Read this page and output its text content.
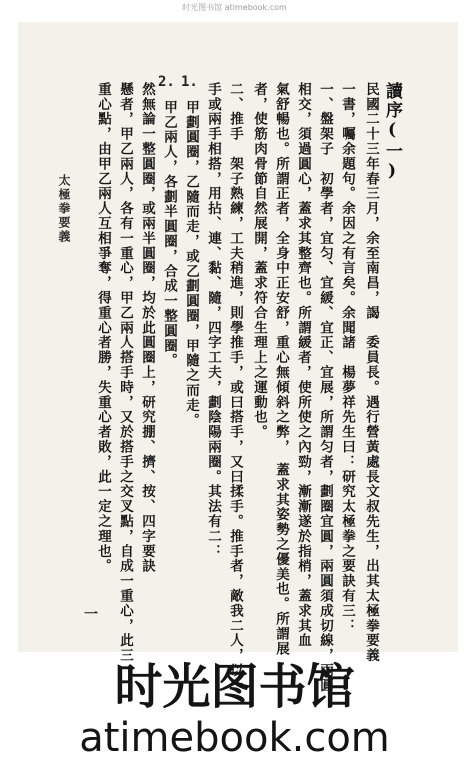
时光图书馆 atimebook.com
讀序(一)
民國二十三年春三月，余至南昌，謁　委員長。遇行營黃處長文叔先生，出其太極拳要義
一書，囑余題句。余因之有言矣。余聞諸　楊夢祥先生曰：研究太極拳之要訣有三：
一、盤架子　初學者，宜匀、宜緩、宜正、宜展，所謂匀者，劃圈宜圓，兩圓須成切線，兩圓
相交，須過圓心，蓋求其整齊也。所謂緩者，使所使之內勁，漸漸遂於指梢，蓋求其血
氣舒暢也。所謂正者，全身中正安舒，重心無傾斜之弊，　蓋求其姿勢之優美也。所謂展
者，使筋肉骨節自然展開，蓋求符合生理上之運動也。
二、推手　架子熟練，工夫稍進，則學推手，或曰搭手，又曰揉手。推手者，敵我二人，以一
手或兩手相搭，用拈、連、黏、隨，四字工夫，劃陰陽兩圈。其法有二：
1.
2.
甲劃圓圈，乙隨而走，或乙劃圓圈，甲隨之而走。
甲乙兩人，各劃半圓圈，合成一整圓圈。
然無論一整圓圈，或兩半圓圈，均於此圓圈上，研究掤、擠、按、四字要訣
懸者，甲乙兩人，各有一重心，甲乙兩人搭手時，又於搭手之交叉點，自成一重心，此三
重心點，由甲乙兩人互相爭奪，得重心者勝，失重心者敗，此一定之理也。
太極拳要義
一
时光图书馆
atimebook.com
